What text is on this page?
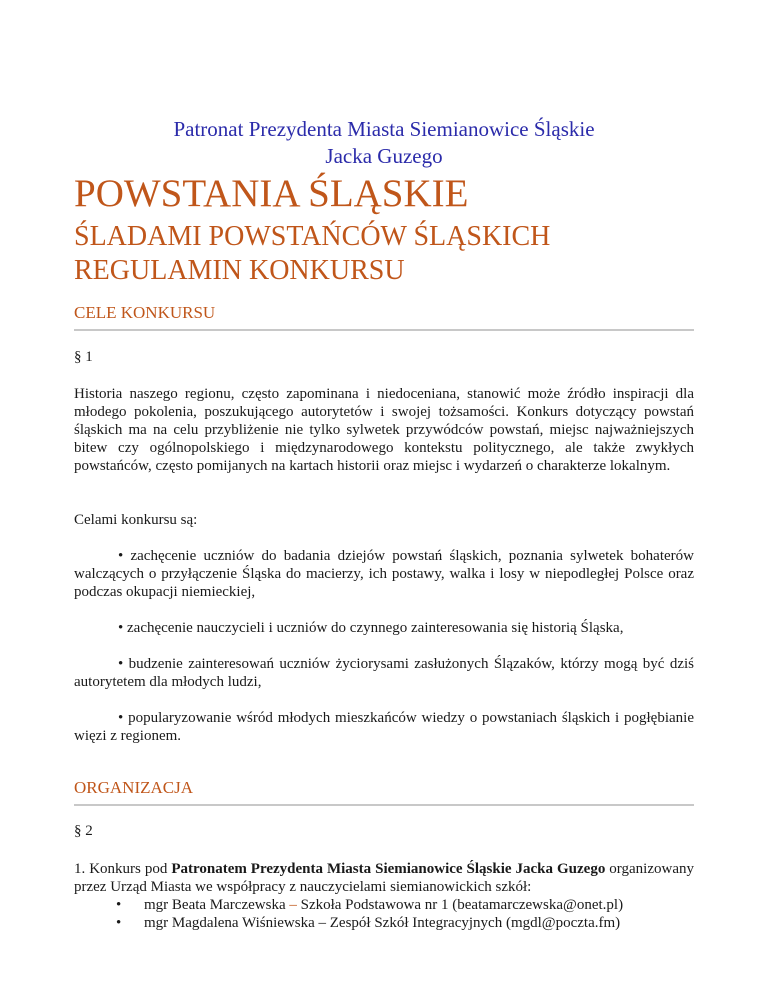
Patronat Prezydenta Miasta Siemianowice Śląskie
Jacka Guzego
POWSTANIA ŚLĄSKIE
ŚLADAMI POWSTAŃCÓW ŚLĄSKICH
REGULAMIN KONKURSU
CELE KONKURSU
§ 1
Historia naszego regionu, często zapominana i niedoceniana, stanowić może źródło inspiracji dla młodego pokolenia, poszukującego autorytetów i swojej tożsamości. Konkurs dotyczący powstań śląskich ma na celu przybliżenie nie tylko sylwetek przywódców powstań, miejsc najważniejszych bitew czy ogólnopolskiego i międzynarodowego kontekstu politycznego, ale także zwykłych powstańców, często pomijanych na kartach historii oraz miejsc i wydarzeń o charakterze lokalnym.
Celami konkursu są:
• zachęcenie uczniów do badania dziejów powstań śląskich, poznania sylwetek bohaterów walczących o przyłączenie Śląska do macierzy, ich postawy, walka i losy w niepodległej Polsce oraz podczas okupacji niemieckiej,
• zachęcenie nauczycieli i uczniów do czynnego zainteresowania się historią Śląska,
• budzenie zainteresowań uczniów życiorysami zasłużonych Ślązaków, którzy mogą być dziś autorytetem dla młodych ludzi,
• popularyzowanie wśród młodych mieszkańców wiedzy o powstaniach śląskich i pogłębianie więzi z regionem.
ORGANIZACJA
§ 2
1. Konkurs pod Patronatem Prezydenta Miasta Siemianowice Śląskie Jacka Guzego organizowany przez Urząd Miasta we współpracy z nauczycielami siemianowickich szkół:
• mgr Beata Marczewska – Szkoła Podstawowa nr 1 (beatamarczewska@onet.pl)
• mgr Magdalena Wiśniewska – Zespół Szkół Integracyjnych (mgdl@poczta.fm)
